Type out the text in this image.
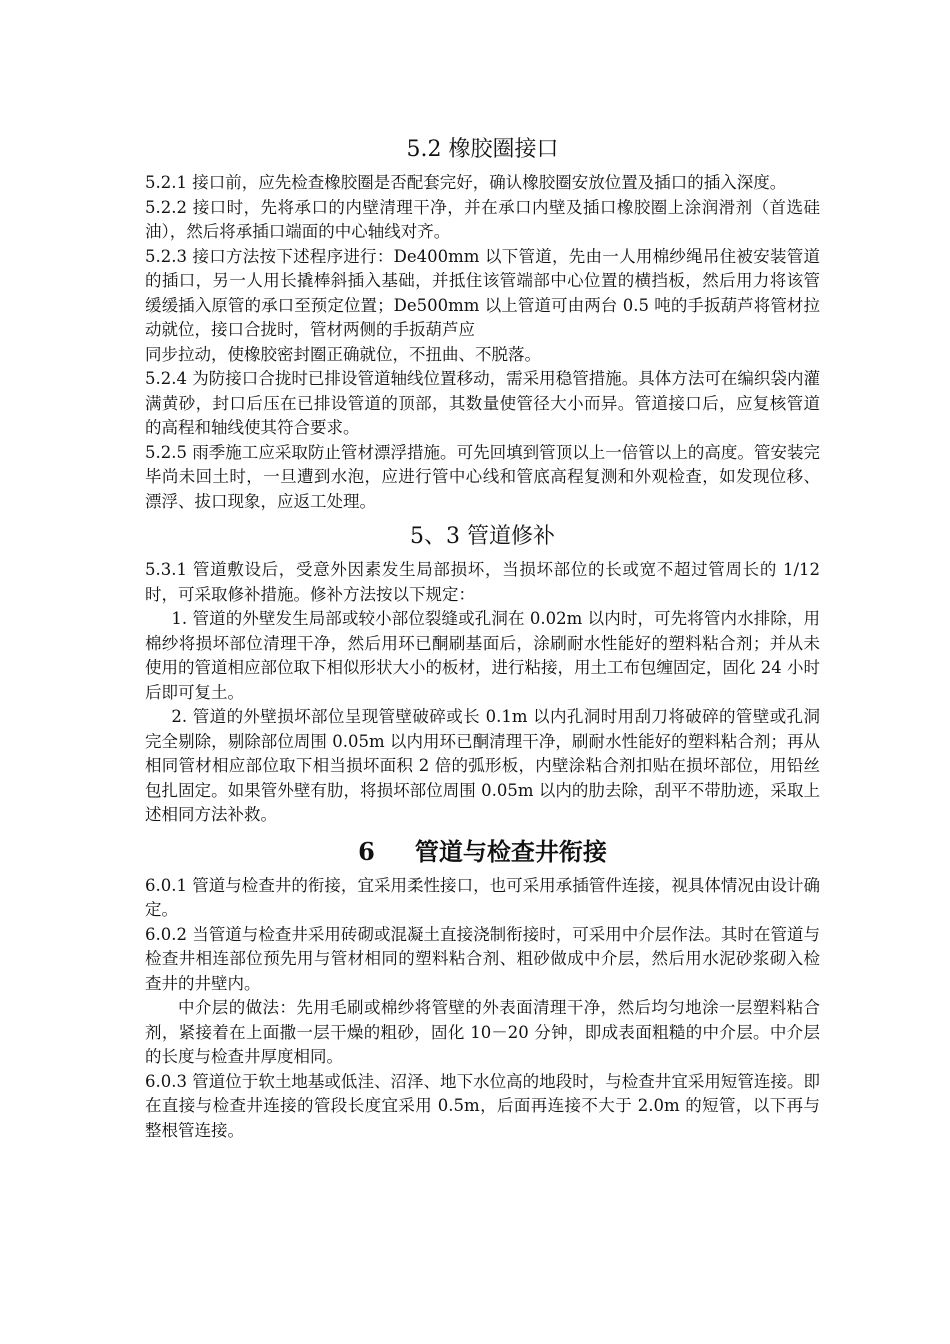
5.2 橡胶圈接口

5.2.1 接口前，应先检查橡胶圈是否配套完好，确认橡胶圈安放位置及插口的插入深度。

5.2.2 接口时，先将承口的内壁清理干净，并在承口内壁及插口橡胶圈上涂润滑剂（首选硅油），然后将承插口端面的中心轴线对齐。

5.2.3 接口方法按下述程序进行：De400mm 以下管道，先由一人用棉纱绳吊住被安装管道的插口，另一人用长撬棒斜插入基础，并抵住该管端部中心位置的横挡板，然后用力将该管缓缓插入原管的承口至预定位置；De500mm 以上管道可由两台 0.5 吨的手扳葫芦将管材拉动就位，接口合拢时，管材两侧的手扳葫芦应

同步拉动，使橡胶密封圈正确就位，不扭曲、不脱落。

5.2.4 为防接口合拢时已排设管道轴线位置移动，需采用稳管措施。具体方法可在编织袋内灌满黄砂，封口后压在已排设管道的顶部，其数量使管径大小而异。管道接口后，应复核管道的高程和轴线使其符合要求。

5.2.5 雨季施工应采取防止管材漂浮措施。可先回填到管顶以上一倍管以上的高度。管安装完毕尚未回土时，一旦遭到水泡，应进行管中心线和管底高程复测和外观检查，如发现位移、漂浮、拔口现象，应返工处理。

5、3 管道修补

5.3.1 管道敷设后，受意外因素发生局部损坏，当损坏部位的长或宽不超过管周长的 1/12 时，可采取修补措施。修补方法按以下规定：

1. 管道的外壁发生局部或较小部位裂缝或孔洞在 0.02m 以内时，可先将管内水排除，用棉纱将损坏部位清理干净，然后用环已酮刷基面后，涂刷耐水性能好的塑料粘合剂；并从未使用的管道相应部位取下相似形状大小的板材，进行粘接，用土工布包缠固定，固化 24 小时后即可复土。

2. 管道的外壁损坏部位呈现管壁破碎或长 0.1m 以内孔洞时用刮刀将破碎的管壁或孔洞完全剔除，剔除部位周围 0.05m 以内用环已酮清理干净，刷耐水性能好的塑料粘合剂；再从相同管材相应部位取下相当损坏面积 2 倍的弧形板，内壁涂粘合剂扣贴在损坏部位，用铅丝包扎固定。如果管外壁有肋，将损坏部位周围 0.05m 以内的肋去除，刮平不带肋迹，采取上述相同方法补救。

6 管道与检查井衔接

6.0.1 管道与检查井的衔接，宜采用柔性接口，也可采用承插管件连接，视具体情况由设计确定。

6.0.2 当管道与检查井采用砖砌或混凝土直接浇制衔接时，可采用中介层作法。其时在管道与检查井相连部位预先用与管材相同的塑料粘合剂、粗砂做成中介层，然后用水泥砂浆砌入检查井的井壁内。

中介层的做法：先用毛刷或棉纱将管壁的外表面清理干净，然后均匀地涂一层塑料粘合剂，紧接着在上面撒一层干燥的粗砂，固化 10－20 分钟，即成表面粗糙的中介层。中介层的长度与检查井厚度相同。

6.0.3 管道位于软土地基或低洼、沼泽、地下水位高的地段时，与检查井宜采用短管连接。即在直接与检查井连接的管段长度宜采用 0.5m，后面再连接不大于 2.0m 的短管，以下再与整根管连接。
